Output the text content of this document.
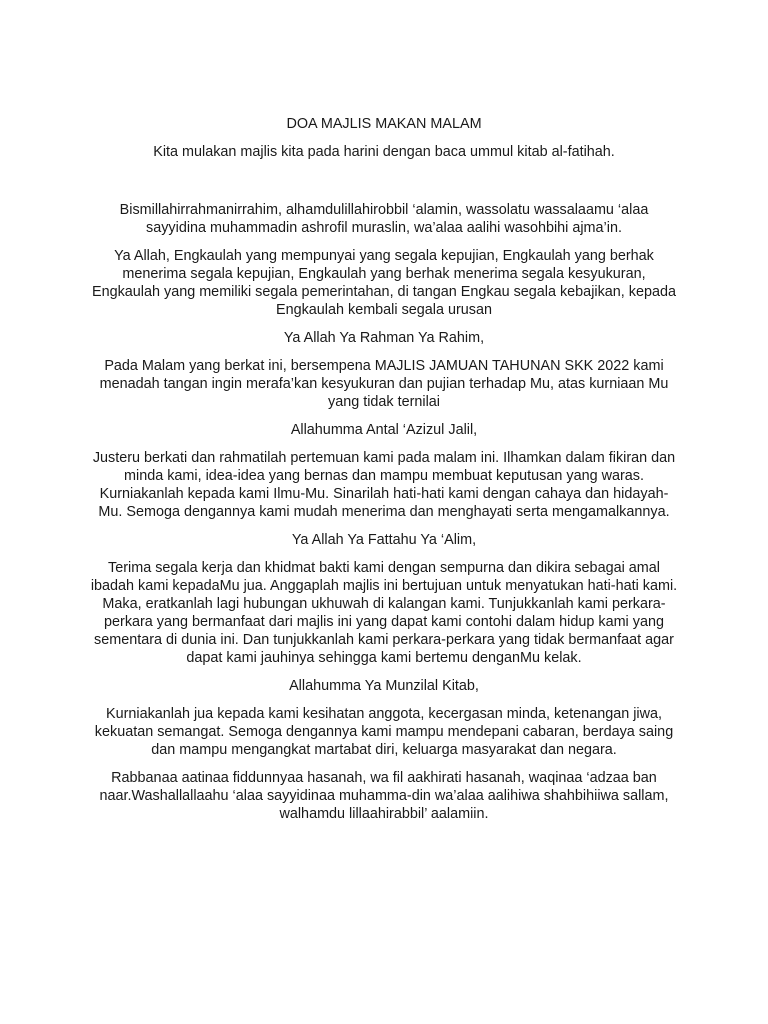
DOA MAJLIS MAKAN MALAM

Kita mulakan majlis kita pada harini dengan baca ummul kitab al-fatihah.

Bismillahirrahmanirrahim, alhamdulillahirobbil ‘alamin, wassolatu wassalaamu ‘alaa sayyidina muhammadin ashrofil muraslin, wa’alaa aalihi wasohbihi ajma’in.

Ya Allah, Engkaulah yang mempunyai yang segala kepujian, Engkaulah yang berhak menerima segala kepujian, Engkaulah yang berhak menerima segala kesyukuran, Engkaulah yang memiliki segala pemerintahan, di tangan Engkau segala kebajikan, kepada Engkaulah kembali segala urusan

Ya Allah Ya Rahman Ya Rahim,

Pada Malam yang berkat ini, bersempena MAJLIS JAMUAN TAHUNAN SKK 2022 kami menadah tangan ingin merafa’kan kesyukuran dan pujian terhadap Mu, atas kurniaan Mu yang tidak ternilai

Allahumma Antal ‘Azizul Jalil,

Justeru berkati dan rahmatilah pertemuan kami pada malam ini. Ilhamkan dalam fikiran dan minda kami, idea-idea yang bernas dan mampu membuat keputusan yang waras. Kurniakanlah kepada kami Ilmu-Mu. Sinarilah hati-hati kami dengan cahaya dan hidayah-Mu. Semoga dengannya kami mudah menerima dan menghayati serta mengamalkannya.

Ya Allah Ya Fattahu Ya ‘Alim,

Terima segala kerja dan khidmat bakti kami dengan sempurna dan dikira sebagai amal ibadah kami kepadaMu jua. Anggaplah majlis ini bertujuan untuk menyatukan hati-hati kami. Maka, eratkanlah lagi hubungan ukhuwah di kalangan kami. Tunjukkanlah kami perkara-perkara yang bermanfaat dari majlis ini yang dapat kami contohi dalam hidup kami yang sementara di dunia ini. Dan tunjukkanlah kami perkara-perkara yang tidak bermanfaat agar dapat kami jauhinya sehingga kami bertemu denganMu kelak.

Allahumma Ya Munzilal Kitab,

Kurniakanlah jua kepada kami kesihatan anggota, kecergasan minda, ketenangan jiwa, kekuatan semangat. Semoga dengannya kami mampu mendepani cabaran, berdaya saing dan mampu mengangkat martabat diri, keluarga masyarakat dan negara.

Rabbanaa aatinaa fiddunnyaa hasanah, wa fil aakhirati hasanah, waqinaa ‘adzaa ban naar.Washallallaahu ‘alaa sayyidinaa muhamma-din wa’alaa aalihiwa shahbihiiwa sallam, walhamdu lillaahirabbil’ aalamiin.
